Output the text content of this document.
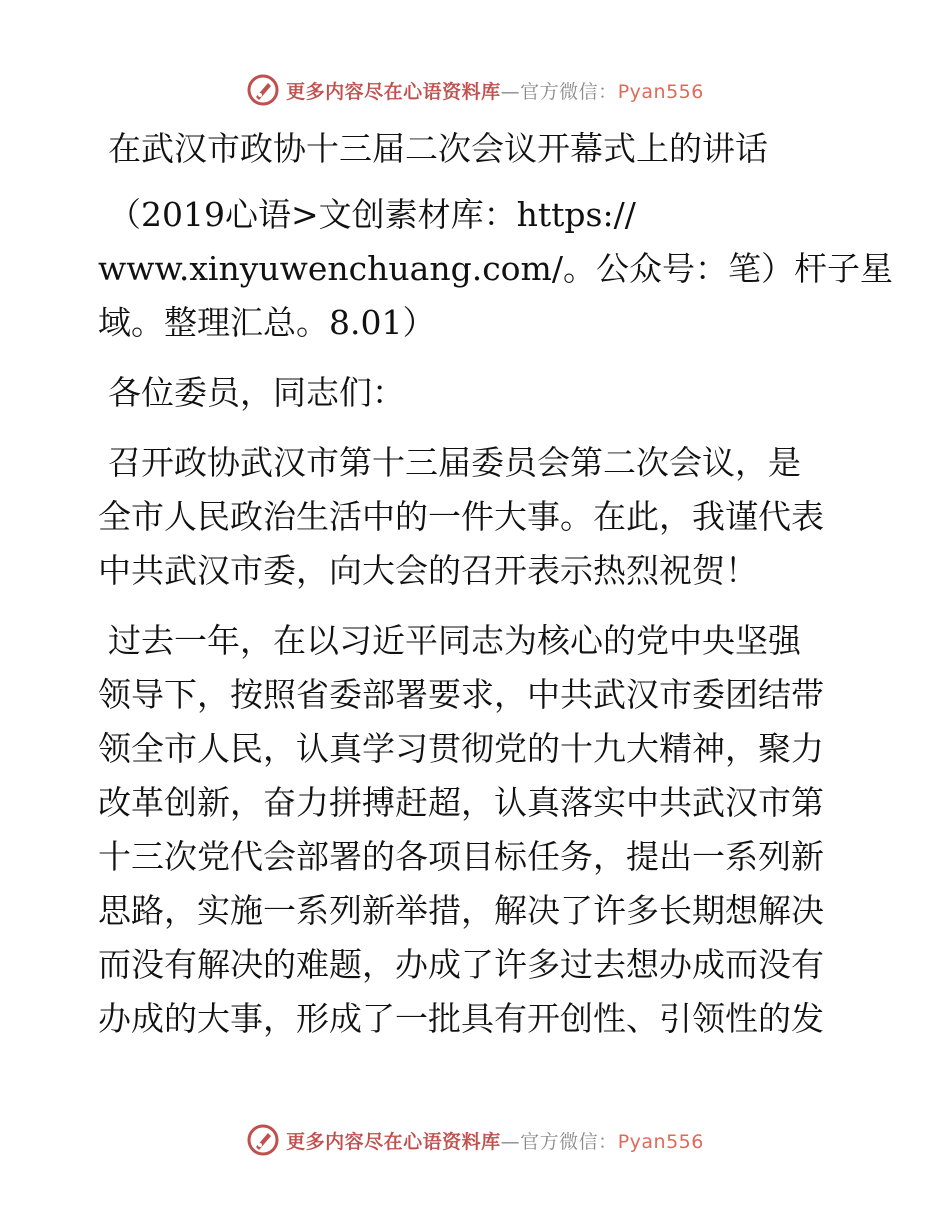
更多内容尽在心语资料库—官方微信：Pyan556

在武汉市政协十三届二次会议开幕式上的讲话

（2019心语>文创素材库：https://

www.xinyuwenchuang.com/。公众号：笔）杆子星

域。整理汇总。8.01）

各位委员，同志们：

召开政协武汉市第十三届委员会第二次会议，是

全市人民政治生活中的一件大事。在此，我谨代表

中共武汉市委，向大会的召开表示热烈祝贺！

过去一年，在以习近平同志为核心的党中央坚强

领导下，按照省委部署要求，中共武汉市委团结带

领全市人民，认真学习贯彻党的十九大精神，聚力

改革创新，奋力拼搏赶超，认真落实中共武汉市第

十三次党代会部署的各项目标任务，提出一系列新

思路，实施一系列新举措，解决了许多长期想解决

而没有解决的难题，办成了许多过去想办成而没有

办成的大事，形成了一批具有开创性、引领性的发

更多内容尽在心语资料库—官方微信：Pyan556
